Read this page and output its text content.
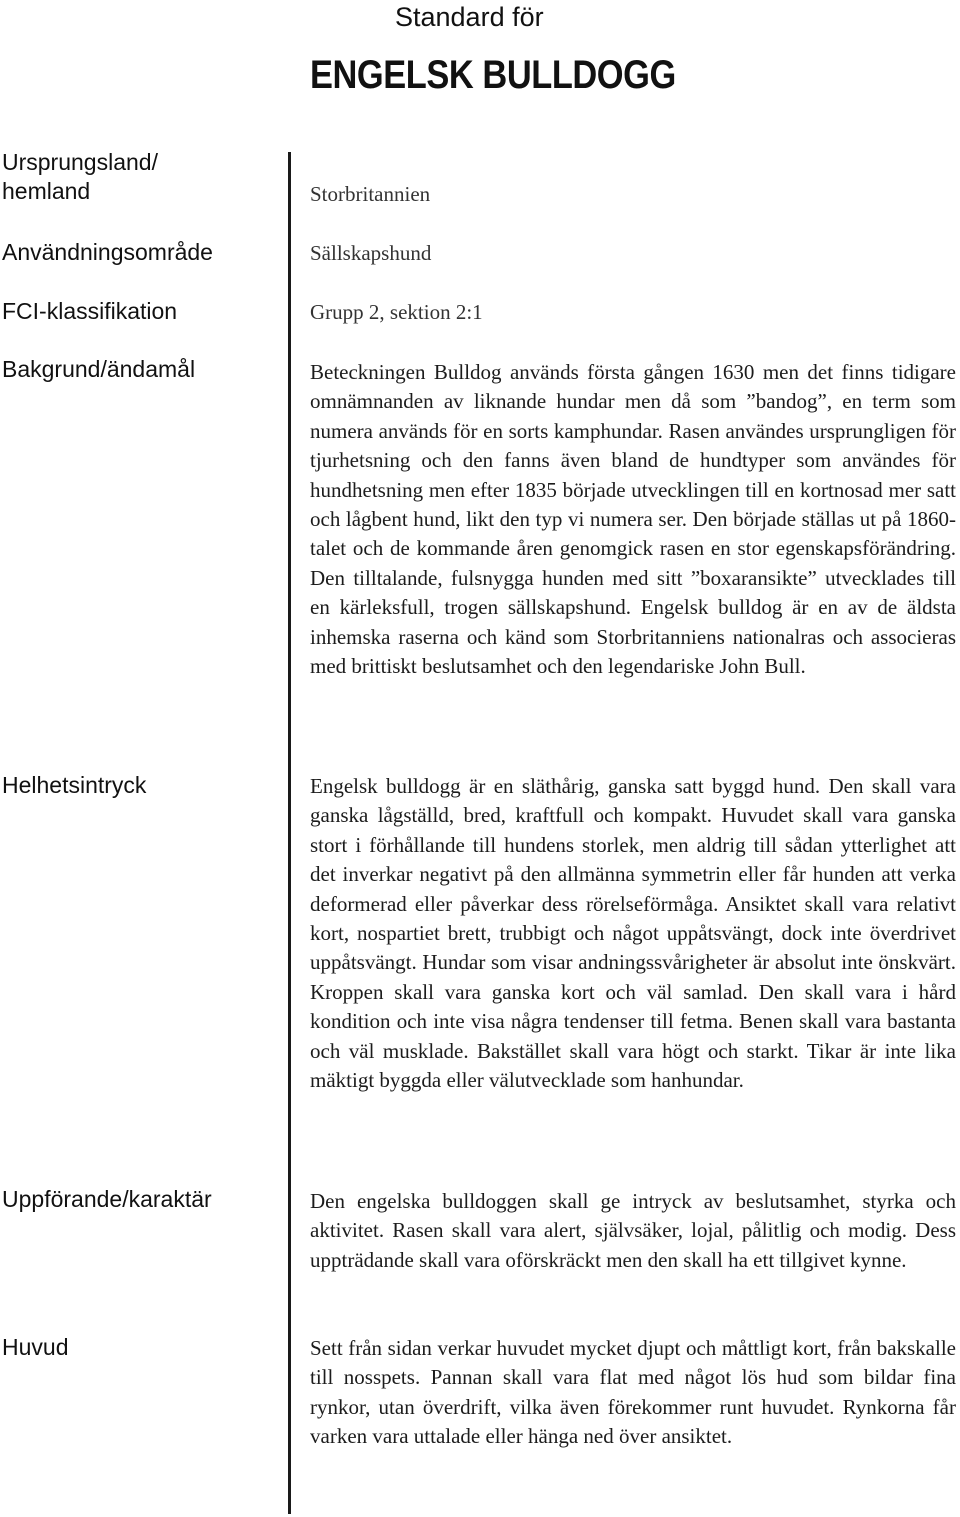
Standard för
ENGELSK BULLDOGG
Ursprungsland/ hemland	Storbritannien
Användningsområde	Sällskapshund
FCI-klassifikation	Grupp 2, sektion 2:1
Bakgrund/ändamål	Beteckningen Bulldog används första gången 1630 men det finns tidigare omnämnanden av liknande hundar men då som ”bandog”, en term som numera används för en sorts kamphundar. Rasen användes ursprungligen för tjurhetsning och den fanns även bland de hundtyper som användes för hundhetsning men efter 1835 började utvecklingen till en kortnosad mer satt och lågbent hund, likt den typ vi numera ser. Den började ställas ut på 1860-talet och de kommande åren genomgick rasen en stor egenskapsförändring. Den tilltalande, fulsnygga hunden med sitt ”boxaransikte” utvecklades till en kärleksfull, trogen sällskapshund. Engelsk bulldog är en av de äldsta inhemska raserna och känd som Storbritanniens nationalras och associeras med brittiskt beslutsamhet och den legendariske John Bull.
Helhetsintryck	Engelsk bulldogg är en släthårig, ganska satt byggd hund. Den skall vara ganska lågställd, bred, kraftfull och kompakt. Huvudet skall vara ganska stort i förhållande till hundens storlek, men aldrig till sådan ytterlighet att det inverkar negativt på den allmänna symmetrin eller får hunden att verka deformerad eller påverkar dess rörelseförmåga. Ansiktet skall vara relativt kort, nospartiet brett, trubbigt och något uppåtsvängt, dock inte överdrivet uppåtsvängt. Hundar som visar andningssvårigheter är absolut inte önskvärt. Kroppen skall vara ganska kort och väl samlad. Den skall vara i hård kondition och inte visa några tendenser till fetma. Benen skall vara bastanta och väl musklade. Bakstället skall vara högt och starkt. Tikar är inte lika mäktigt byggda eller välutvecklade som hanhundar.
Uppförande/karaktär	Den engelska bulldoggen skall ge intryck av beslutsamhet, styrka och aktivitet. Rasen skall vara alert, självsäker, lojal, pålitlig och modig. Dess uppträdande skall vara oförskräckt men den skall ha ett tillgivet kynne.
Huvud	Sett från sidan verkar huvudet mycket djupt och måttligt kort, från bakskalle till nosspets. Pannan skall vara flat med något lös hud som bildar fina rynkor, utan överdrift, vilka även förekommer runt huvudet. Rynkorna får varken vara uttalade eller hänga ned över ansiktet.
